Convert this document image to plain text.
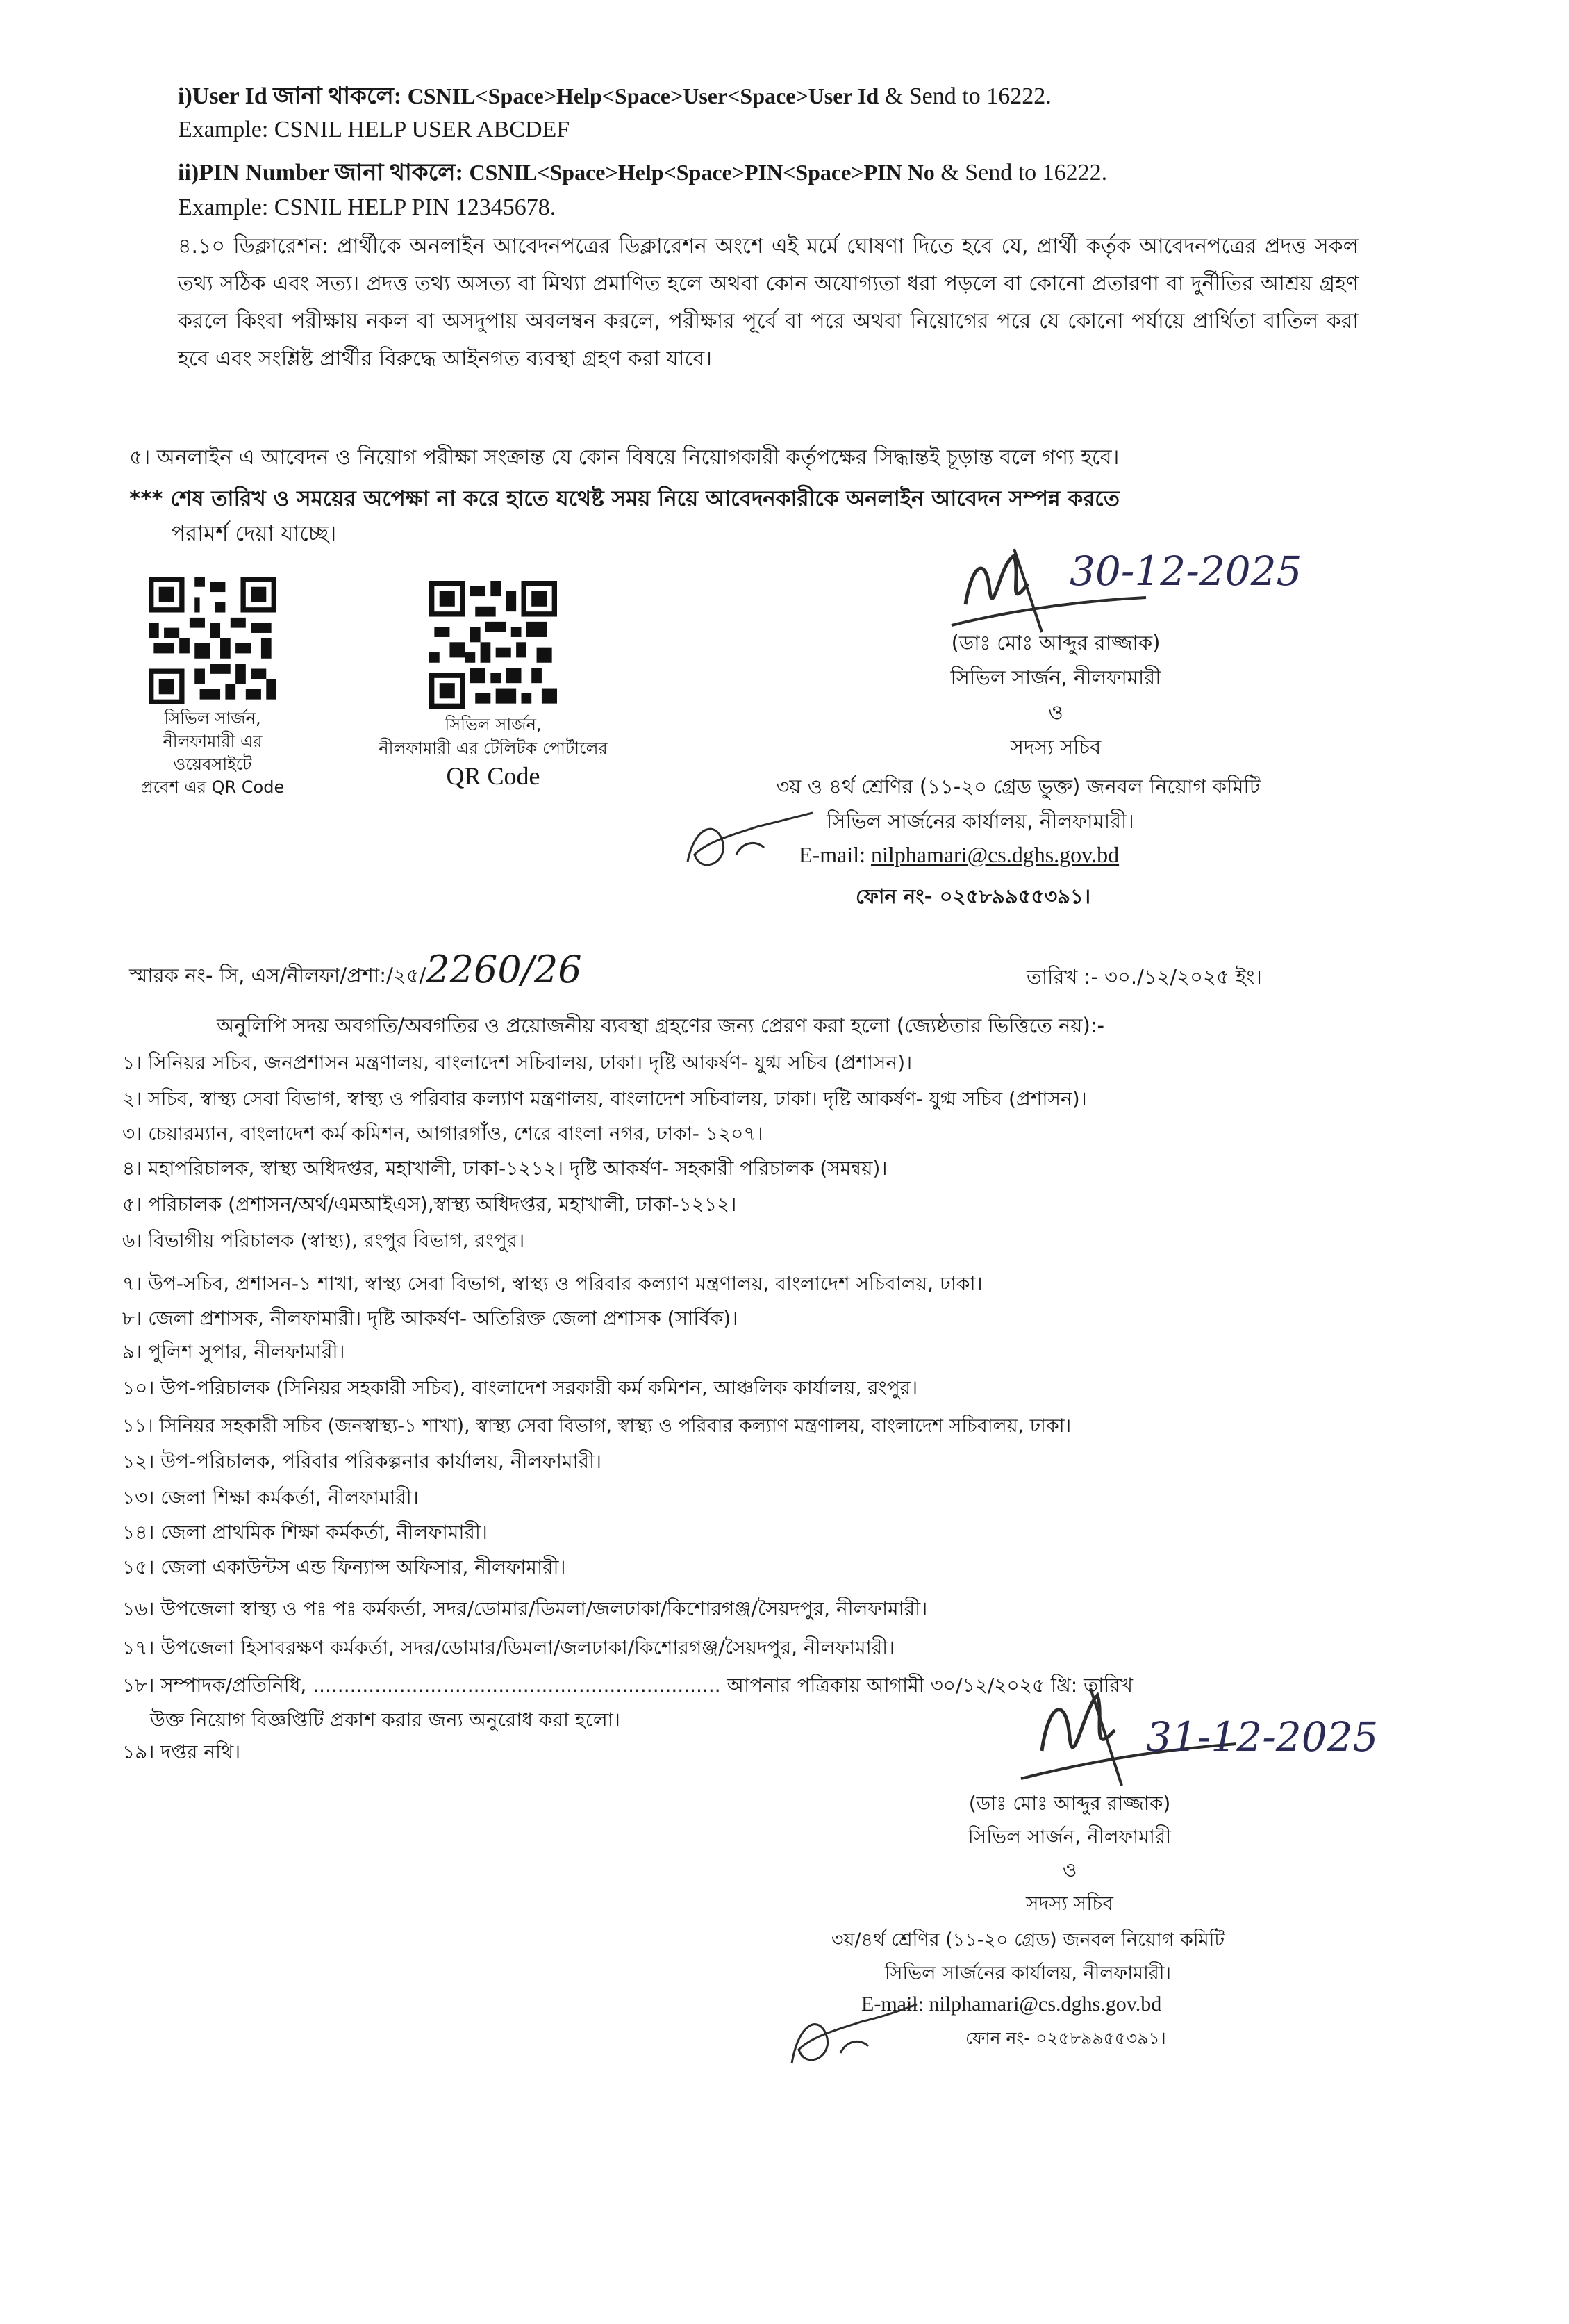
i)User Id জানা থাকলে: CSNIL<Space>Help<Space>User<Space>User Id & Send to 16222.
Example: CSNIL HELP USER ABCDEF
ii)PIN Number জানা থাকলে: CSNIL<Space>Help<Space>PIN<Space>PIN No & Send to 16222.
Example: CSNIL HELP PIN 12345678.
৪.১০ ডিক্লারেশন: প্রার্থীকে অনলাইন আবেদনপত্রের ডিক্লারেশন অংশে এই মর্মে ঘোষণা দিতে হবে যে, প্রার্থী কর্তৃক আবেদনপত্রের প্রদত্ত সকল তথ্য সঠিক এবং সত্য। প্রদত্ত তথ্য অসত্য বা মিথ্যা প্রমাণিত হলে অথবা কোন অযোগ্যতা ধরা পড়লে বা কোনো প্রতারণা বা দুর্নীতির আশ্রয় গ্রহণ করলে কিংবা পরীক্ষায় নকল বা অসদুপায় অবলম্বন করলে, পরীক্ষার পূর্বে বা পরে অথবা নিয়োগের পরে যে কোনো পর্যায়ে প্রার্থিতা বাতিল করা হবে এবং সংশ্লিষ্ট প্রার্থীর বিরুদ্ধে আইনগত ব্যবস্থা গ্রহণ করা যাবে।
৫। অনলাইন এ আবেদন ও নিয়োগ পরীক্ষা সংক্রান্ত যে কোন বিষয়ে নিয়োগকারী কর্তৃপক্ষের সিদ্ধান্তই চূড়ান্ত বলে গণ্য হবে।
*** শেষ তারিখ ও সময়ের অপেক্ষা না করে হাতে যথেষ্ট সময় নিয়ে আবেদনকারীকে অনলাইন আবেদন সম্পন্ন করতে
পরামর্শ দেয়া যাচ্ছে।
সিভিল সার্জন,
নীলফামারী এর
ওয়েবসাইটে
প্রবেশ এর QR Code
সিভিল সার্জন,
নীলফামারী এর টেলিটক পোর্টালের
QR Code
30-12-2025
(ডাঃ মোঃ আব্দুর রাজ্জাক)
সিভিল সার্জন, নীলফামারী
ও
সদস্য সচিব
৩য় ও ৪র্থ শ্রেণির (১১-২০ গ্রেড ভুক্ত) জনবল নিয়োগ কমিটি
সিভিল সার্জনের কার্যালয়, নীলফামারী।
E-mail: nilphamari@cs.dghs.gov.bd
ফোন নং- ০২৫৮৯৯৫৫৩৯১।
স্মারক নং- সি, এস/নীলফা/প্রশা:/২৫/2260/26	তারিখ :- ৩০./১২/২০২৫ ইং।
অনুলিপি সদয় অবগতি/অবগতির ও প্রয়োজনীয় ব্যবস্থা গ্রহণের জন্য প্রেরণ করা হলো (জ্যেষ্ঠতার ভিত্তিতে নয়):-
১। সিনিয়র সচিব, জনপ্রশাসন মন্ত্রণালয়, বাংলাদেশ সচিবালয়, ঢাকা। দৃষ্টি আকর্ষণ- যুগ্ম সচিব (প্রশাসন)।
২। সচিব, স্বাস্থ্য সেবা বিভাগ, স্বাস্থ্য ও পরিবার কল্যাণ মন্ত্রণালয়, বাংলাদেশ সচিবালয়, ঢাকা। দৃষ্টি আকর্ষণ- যুগ্ম সচিব (প্রশাসন)।
৩। চেয়ারম্যান, বাংলাদেশ কর্ম কমিশন, আগারগাঁও, শেরে বাংলা নগর, ঢাকা- ১২০৭।
৪। মহাপরিচালক, স্বাস্থ্য অধিদপ্তর, মহাখালী, ঢাকা-১২১২। দৃষ্টি আকর্ষণ- সহকারী পরিচালক (সমন্বয়)।
৫। পরিচালক (প্রশাসন/অর্থ/এমআইএস),স্বাস্থ্য অধিদপ্তর, মহাখালী, ঢাকা-১২১২।
৬। বিভাগীয় পরিচালক (স্বাস্থ্য), রংপুর বিভাগ, রংপুর।
৭। উপ-সচিব, প্রশাসন-১ শাখা, স্বাস্থ্য সেবা বিভাগ, স্বাস্থ্য ও পরিবার কল্যাণ মন্ত্রণালয়, বাংলাদেশ সচিবালয়, ঢাকা।
৮। জেলা প্রশাসক, নীলফামারী। দৃষ্টি আকর্ষণ- অতিরিক্ত জেলা প্রশাসক (সার্বিক)।
৯। পুলিশ সুপার, নীলফামারী।
১০। উপ-পরিচালক (সিনিয়র সহকারী সচিব), বাংলাদেশ সরকারী কর্ম কমিশন, আঞ্চলিক কার্যালয়, রংপুর।
১১। সিনিয়র সহকারী সচিব (জনস্বাস্থ্য-১ শাখা), স্বাস্থ্য সেবা বিভাগ, স্বাস্থ্য ও পরিবার কল্যাণ মন্ত্রণালয়, বাংলাদেশ সচিবালয়, ঢাকা।
১২। উপ-পরিচালক, পরিবার পরিকল্পনার কার্যালয়, নীলফামারী।
১৩। জেলা শিক্ষা কর্মকর্তা, নীলফামারী।
১৪। জেলা প্রাথমিক শিক্ষা কর্মকর্তা, নীলফামারী।
১৫। জেলা একাউন্টস এন্ড ফিন্যান্স অফিসার, নীলফামারী।
১৬। উপজেলা স্বাস্থ্য ও পঃ পঃ কর্মকর্তা, সদর/ডোমার/ডিমলা/জলঢাকা/কিশোরগঞ্জ/সৈয়দপুর, নীলফামারী।
১৭। উপজেলা হিসাবরক্ষণ কর্মকর্তা, সদর/ডোমার/ডিমলা/জলঢাকা/কিশোরগঞ্জ/সৈয়দপুর, নীলফামারী।
১৮। সম্পাদক/প্রতিনিধি, .................................................................. আপনার পত্রিকায় আগামী ৩০/১২/২০২৫ খ্রি: তারিখ
উক্ত নিয়োগ বিজ্ঞপ্তিটি প্রকাশ করার জন্য অনুরোধ করা হলো।
১৯। দপ্তর নথি।	31-12-2025
(ডাঃ মোঃ আব্দুর রাজ্জাক)
সিভিল সার্জন, নীলফামারী
ও
সদস্য সচিব
৩য়/৪র্থ শ্রেণির (১১-২০ গ্রেড) জনবল নিয়োগ কমিটি
সিভিল সার্জনের কার্যালয়, নীলফামারী।
E-mail: nilphamari@cs.dghs.gov.bd
ফোন নং- ০২৫৮৯৯৫৫৩৯১।
